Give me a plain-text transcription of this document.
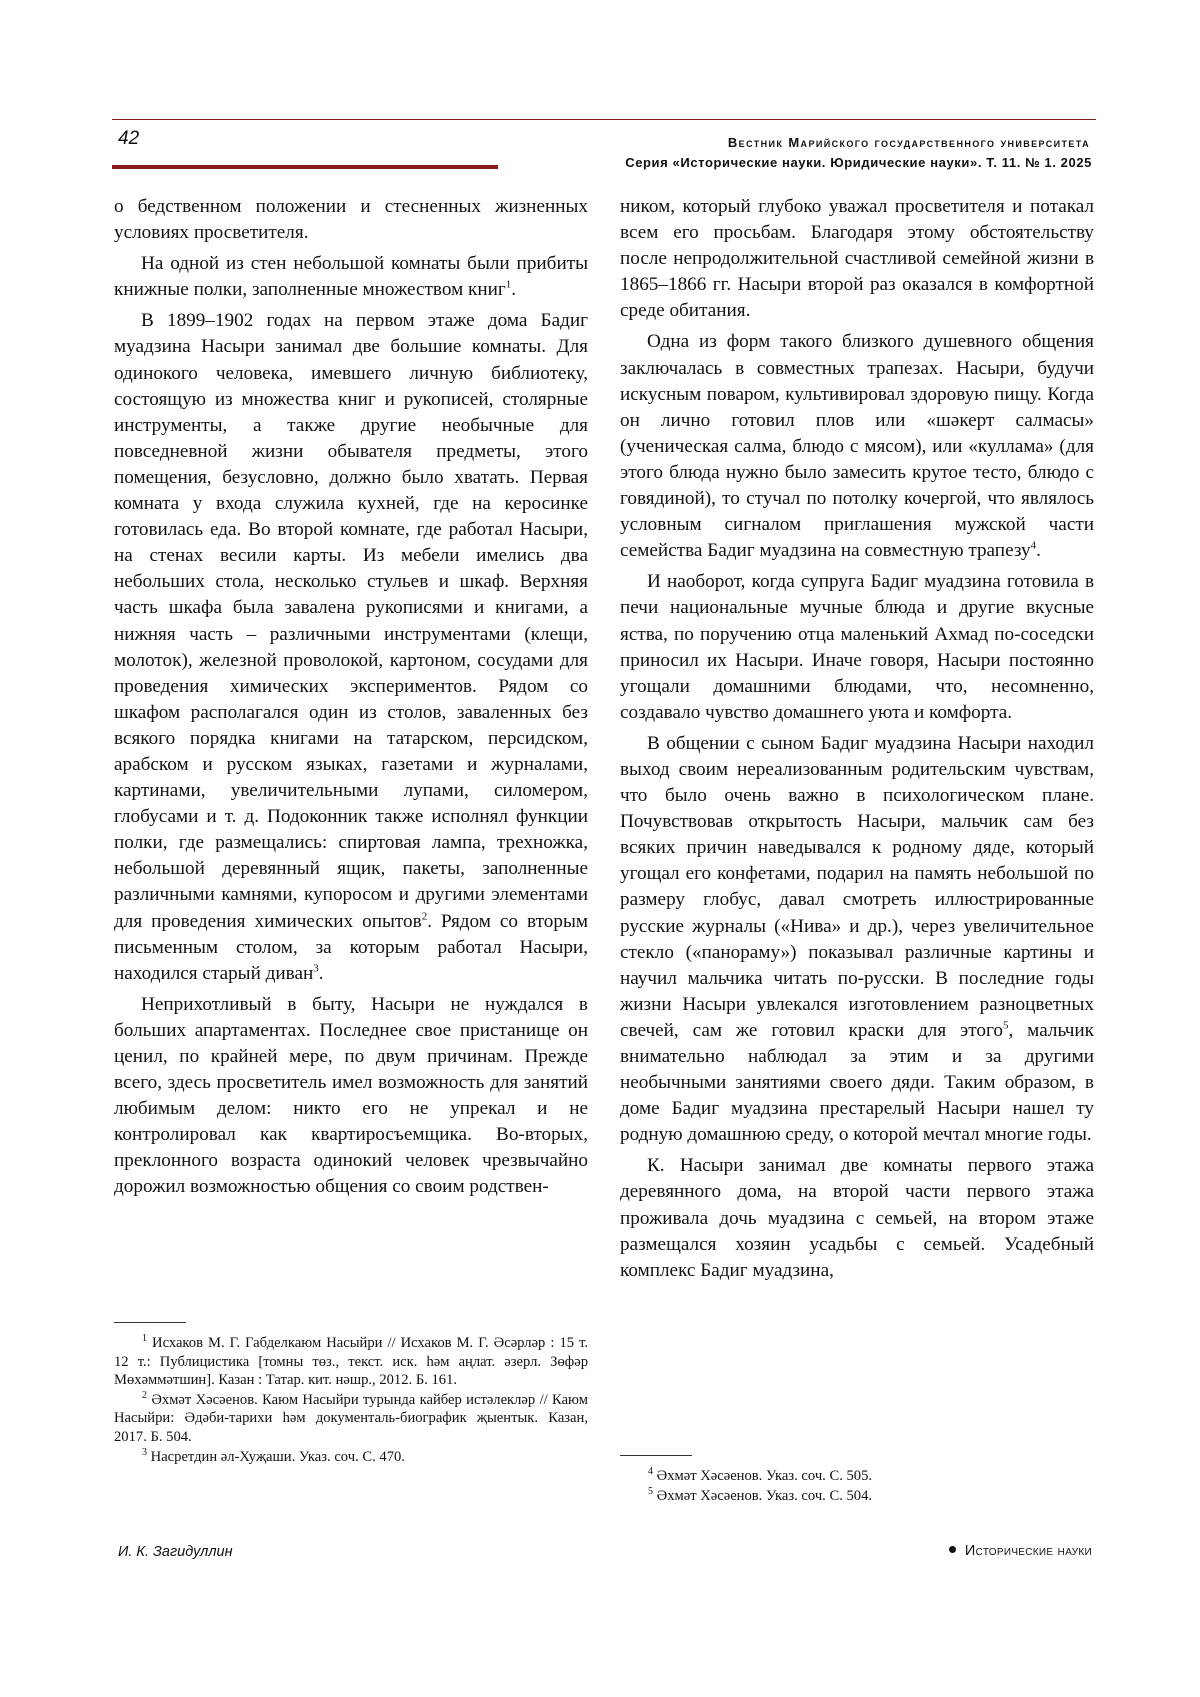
42	Вестник Марийского государственного университета
Серия «Исторические науки. Юридические науки». Т. 11. № 1. 2025

о бедственном положении и стесненных жизненных условиях просветителя.

На одной из стен небольшой комнаты были прибиты книжные полки, заполненные множеством книг$^1$.

В 1899–1902 годах на первом этаже дома Бадиг муадзина Насыри занимал две большие комнаты. Для одинокого человека, имевшего личную библиотеку, состоящую из множества книг и рукописей, столярные инструменты, а также другие необычные для повседневной жизни обывателя предметы, этого помещения, безусловно, должно было хватать. Первая комната у входа служила кухней, где на керосинке готовилась еда. Во второй комнате, где работал Насыри, на стенах весили карты. Из мебели имелись два небольших стола, несколько стульев и шкаф. Верхняя часть шкафа была завалена рукописями и книгами, а нижняя часть – различными инструментами (клещи, молоток), железной проволокой, картоном, сосудами для проведения химических экспериментов. Рядом со шкафом располагался один из столов, заваленных без всякого порядка книгами на татарском, персидском, арабском и русском языках, газетами и журналами, картинами, увеличительными лупами, силомером, глобусами и т. д. Подоконник также исполнял функции полки, где размещались: спиртовая лампа, трехножка, небольшой деревянный ящик, пакеты, заполненные различными камнями, купоросом и другими элементами для проведения химических опытов$^2$. Рядом со вторым письменным столом, за которым работал Насыри, находился старый диван$^3$.

Неприхотливый в быту, Насыри не нуждался в больших апартаментах. Последнее свое пристанище он ценил, по крайней мере, по двум причинам. Прежде всего, здесь просветитель имел возможность для занятий любимым делом: никто его не упрекал и не контролировал как квартиросъемщика. Во-вторых, преклонного возраста одинокий человек чрезвычайно дорожил возможностью общения со своим родствен-

ником, который глубоко уважал просветителя и потакал всем его просьбам. Благодаря этому обстоятельству после непродолжительной счастливой семейной жизни в 1865–1866 гг. Насыри второй раз оказался в комфортной среде обитания.

Одна из форм такого близкого душевного общения заключалась в совместных трапезах. Насыри, будучи искусным поваром, культивировал здоровую пищу. Когда он лично готовил плов или «шәкерт салмасы» (ученическая салма, блюдо с мясом), или «куллама» (для этого блюда нужно было замесить крутое тесто, блюдо с говядиной), то стучал по потолку кочергой, что являлось условным сигналом приглашения мужской части семейства Бадиг муадзина на совместную трапезу$^4$.

И наоборот, когда супруга Бадиг муадзина готовила в печи национальные мучные блюда и другие вкусные яства, по поручению отца маленький Ахмад по-соседски приносил их Насыри. Иначе говоря, Насыри постоянно угощали домашними блюдами, что, несомненно, создавало чувство домашнего уюта и комфорта.

В общении с сыном Бадиг муадзина Насыри находил выход своим нереализованным родительским чувствам, что было очень важно в психологическом плане. Почувствовав открытость Насыри, мальчик сам без всяких причин наведывался к родному дяде, который угощал его конфетами, подарил на память небольшой по размеру глобус, давал смотреть иллюстрированные русские журналы («Нива» и др.), через увеличительное стекло («панораму») показывал различные картины и научил мальчика читать по-русски. В последние годы жизни Насыри увлекался изготовлением разноцветных свечей, сам же готовил краски для этого$^5$, мальчик внимательно наблюдал за этим и за другими необычными занятиями своего дяди. Таким образом, в доме Бадиг муадзина престарелый Насыри нашел ту родную домашнюю среду, о которой мечтал многие годы.

К. Насыри занимал две комнаты первого этажа деревянного дома, на второй части первого этажа проживала дочь муадзина с семьей, на втором этаже размещался хозяин усадьбы с семьей. Усадебный комплекс Бадиг муадзина,

$^1$ Исхаков М. Г. Габделкаюм Насыйри // Исхаков М. Г. Әсәрләр : 15 т. 12 т.: Публицистика [томны төз., текст. иск. һәм аңлат. әзерл. Зөфәр Мөхәммәтшин]. Казан : Татар. кит. нәшр., 2012. Б. 161.

$^2$ Әхмәт Хәсәенов. Каюм Насыйри турында кайбер истәлекләр // Каюм Насыйри: Әдәби-тарихи һәм документаль-биографик җыентык. Казан, 2017. Б. 504.

$^3$ Насретдин әл-Хуҗаши. Указ. соч. С. 470.

$^4$ Әхмәт Хәсәенов. Указ. соч. С. 505.

$^5$ Әхмәт Хәсәенов. Указ. соч. С. 504.

И. К. Загидуллин	Исторические науки
